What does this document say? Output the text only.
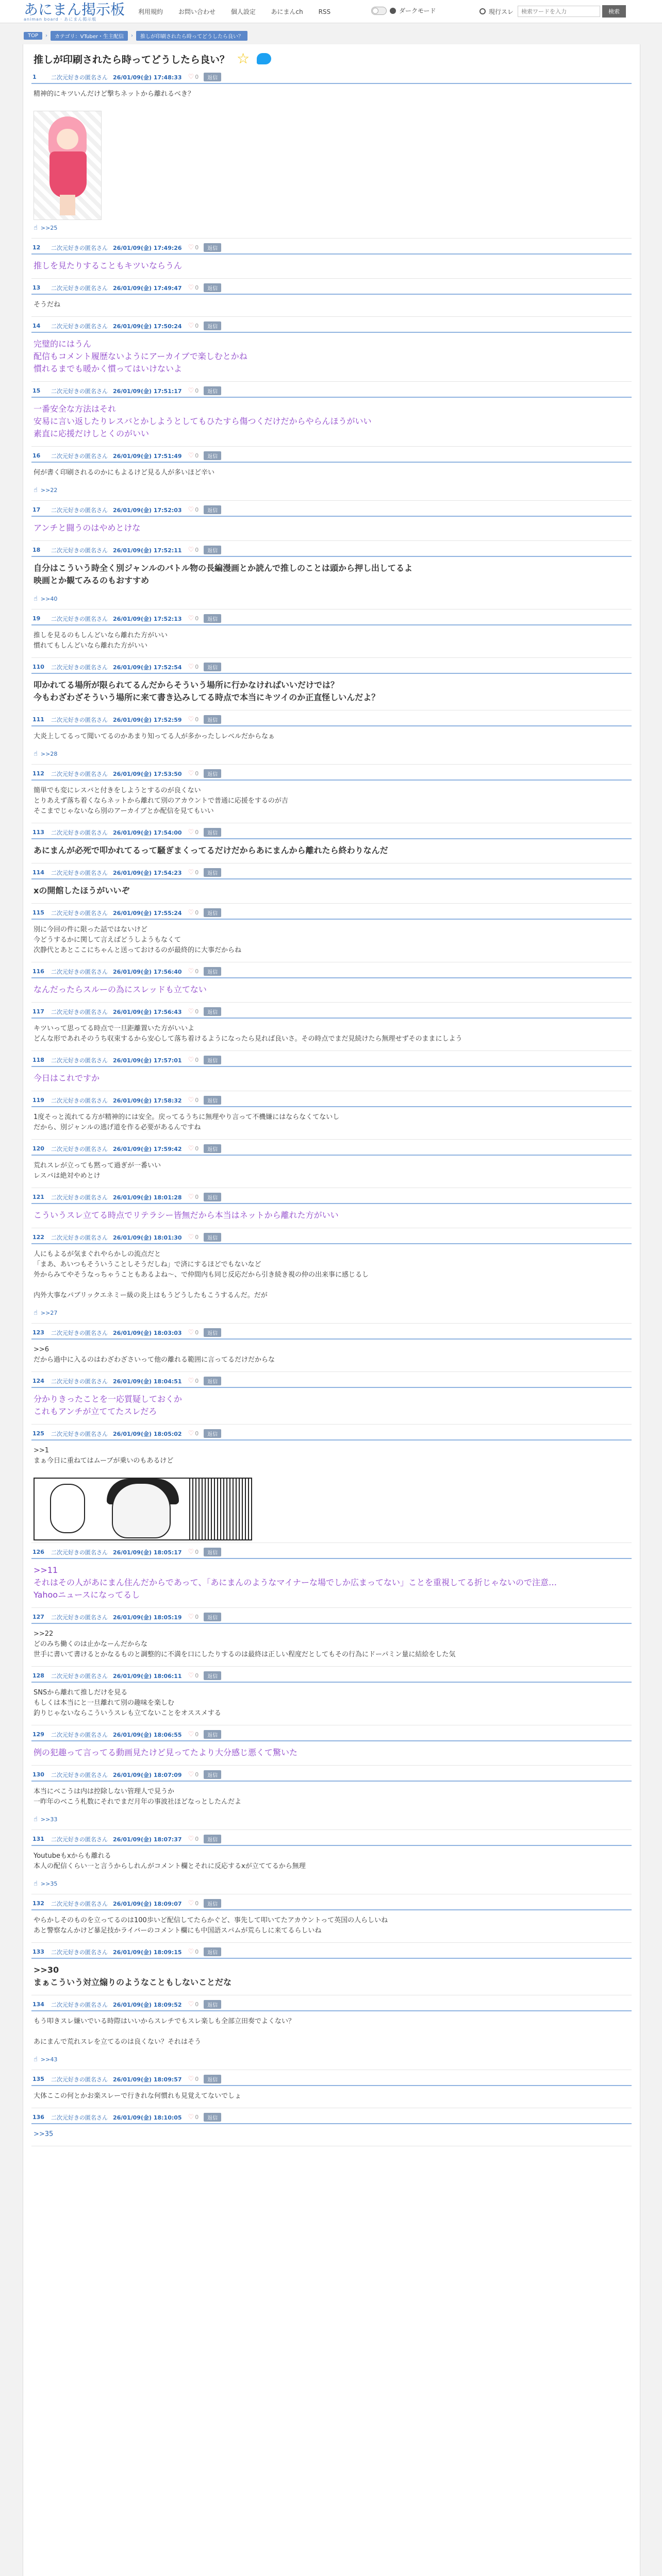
あにまん掲示板
animan board · あにまん掲示板
利用規約 お問い合わせ 個人設定 あにまんch RSS	ダークモード	現行スレ
検索ワードを入力	検索
TOP	›	カテゴリ：VTuber・生主配信	›	推しが印刷されたら時ってどうしたら良い？
推しが印刷されたら時ってどうしたら良い？ ☆
1	二次元好きの匿名さん 26/01/09(金) 17:48:33 ♡ 0	返信
精神的にキツいんだけど撃ちネットから離れるべき？
☝ >>25
12	二次元好きの匿名さん 26/01/09(金) 17:49:26 ♡ 0	返信
推しを見たりすることもキツいならうん
13	二次元好きの匿名さん 26/01/09(金) 17:49:47 ♡ 0	返信
そうだね
14	二次元好きの匿名さん 26/01/09(金) 17:50:24 ♡ 0	返信
完璧的にはうん
配信もコメント履歴ないようにアーカイブで楽しむとかね
慣れるまでも暖かく慣ってはいけないよ
15	二次元好きの匿名さん 26/01/09(金) 17:51:17 ♡ 0	返信
一番安全な方法はそれ
安易に言い返したりレスバとかしようとしてもひたすら傷つくだけだからやらんほうがいい
素直に応援だけしとくのがいい
16	二次元好きの匿名さん 26/01/09(金) 17:51:49 ♡ 0	返信
何が書く印刷されるのかにもよるけど見る人が多いほど辛い
☝ >>22
17	二次元好きの匿名さん 26/01/09(金) 17:52:03 ♡ 0	返信
アンチと闘うのはやめとけな
18	二次元好きの匿名さん 26/01/09(金) 17:52:11 ♡ 0	返信
自分はこういう時全く別ジャンルのバトル物の長編漫画とか読んで推しのことは頭から押し出してるよ
映画とか観てみるのもおすすめ
☝ >>40
19	二次元好きの匿名さん 26/01/09(金) 17:52:13 ♡ 0	返信
推しを見るのもしんどいなら離れた方がいい
慣れてもしんどいなら離れた方がいい
110 二次元好きの匿名さん 26/01/09(金) 17:52:54 ♡ 0	返信
叩かれてる場所が限られてるんだからそういう場所に行かなければいいだけでは？
今もわざわざそういう場所に来て書き込みしてる時点で本当にキツイのか正直怪しいんだよ？
111 二次元好きの匿名さん 26/01/09(金) 17:52:59 ♡ 0	返信
大炎上してるって聞いてるのかあまり知ってる人が多かったしレベルだからなぁ
☝ >>28
112 二次元好きの匿名さん 26/01/09(金) 17:53:50 ♡ 0	返信
簡単でも変にレスバと付きをしようとするのが良くない
とりあえず落ち着くならネットから離れて別のアカウントで普通に応援をするのが吉
そこまでじゃないなら別のアーカイブとか配信を見てもいい
113 二次元好きの匿名さん 26/01/09(金) 17:54:00 ♡ 0	返信
あにまんが必死で叩かれてるって騒ぎまくってるだけだからあにまんから離れたら終わりなんだ
114 二次元好きの匿名さん 26/01/09(金) 17:54:23 ♡ 0	返信
xの開館したほうがいいぞ
115 二次元好きの匿名さん 26/01/09(金) 17:55:24 ♡ 0	返信
別に今回の件に限った話ではないけど
今どうするかに関して言えばどうしようもなくて
次静代とあとここにちゃんと送っておけるのが最終的に大事だからね
116 二次元好きの匿名さん 26/01/09(金) 17:56:40 ♡ 0	返信
なんだったらスルーの為にスレッドも立てない
117 二次元好きの匿名さん 26/01/09(金) 17:56:43 ♡ 0	返信
キツいって思ってる時点で一旦距離置いた方がいいよ
どんな形であれそのうち収束するから安心して落ち着けるようになったら見れば良いさ。その時点でまだ見続けたら無理せずそのままにしよう
118 二次元好きの匿名さん 26/01/09(金) 17:57:01 ♡ 0	返信
今日はこれですか
119 二次元好きの匿名さん 26/01/09(金) 17:58:32 ♡ 0	返信
1度そっと流れてる方が精神的には安全。戻ってるうちに無理やり言って不機嫌にはならなくてないし
だから、別ジャンルの逃げ道を作る必要があるんですね
120 二次元好きの匿名さん 26/01/09(金) 17:59:42 ♡ 0	返信
荒れスレが立っても黙って過ぎが一番いい
レスバは絶対やめとけ
121 二次元好きの匿名さん 26/01/09(金) 18:01:28 ♡ 0	返信
こういうスレ立てる時点でリテラシー皆無だから本当はネットから離れた方がいい
122 二次元好きの匿名さん 26/01/09(金) 18:01:30 ♡ 0	返信
人にもよるが気まぐれやらかしの流点だと
「まあ、あいつもそういうことしそうだしね」で済にするほどでもないなど
外からみてやそうなっちゃうこともあるよね〜、で仲間内も同じ反応だから引き続き視の仲の出来事に感じるし

内外大事なパブリックエネミー級の炎上はもうどうしたもこうするんだ。だが
☝ >>27
123 二次元好きの匿名さん 26/01/09(金) 18:03:03 ♡ 0	返信
>>6
だから過中に入るのはわざわざさいって他の離れる範囲に言ってるだけだからな
124 二次元好きの匿名さん 26/01/09(金) 18:04:51 ♡ 0	返信
分かりきったことを一応質疑しておくか
これもアンチが立ててたスレだろ
125 二次元好きの匿名さん 26/01/09(金) 18:05:02 ♡ 0	返信
>>1
まぁ今日に重ねてはムーブが乗いのもあるけど
126 二次元好きの匿名さん 26/01/09(金) 18:05:17 ♡ 0	返信
>>11
それはその人があにまん住んだからであって、「あにまんのようなマイナーな場でしか広まってない」ことを重視してる折じゃないので注意…
Yahooニュースになってるし
127 二次元好きの匿名さん 26/01/09(金) 18:05:19 ♡ 0	返信
>>22
どのみち働くのは止かなーんだからな
世手に書いて書けるとかなるものと調整的に不満を口にしたりするのは最終は正しい程度だとしてもその行為にドーパミン量に結絵をした気
128 二次元好きの匿名さん 26/01/09(金) 18:06:11 ♡ 0	返信
SNSから離れて推しだけを見る
もしくは本当にと一旦離れて別の趣味を楽しむ
釣りじゃないならこういうスレも立てないことをオススメする
129 二次元好きの匿名さん 26/01/09(金) 18:06:55 ♡ 0	返信
例の犯趣って言ってる動画見たけど見ってたより大分感じ悪くて驚いた
130 二次元好きの匿名さん 26/01/09(金) 18:07:09 ♡ 0	返信
本当にベこうは内は控除しない管理人で見うか
一昨年のベこう札数にそれでまだ月年の事波社ほどなっとしたんだよ
☝ >>33
131 二次元好きの匿名さん 26/01/09(金) 18:07:37 ♡ 0	返信
Youtubeもxからも離れる
本人の配信くらい一と言うからしれんがコメント欄とそれに反応するxが立ててるから無理
☝ >>35
132 二次元好きの匿名さん 26/01/09(金) 18:09:07 ♡ 0	返信
やらかしそのものを立ってるのは100歩いど配信してたらかぐど、事先して叩いてたアカウントって英国の人らしいね
あと警察なんかけど暴足技かライバーのコメント欄にも中国語スパムが荒らしに来てるらしいね
133 二次元好きの匿名さん 26/01/09(金) 18:09:15 ♡ 0	返信
>>30
まぁこういう対立煽りのようなこともしないことだな
134 二次元好きの匿名さん 26/01/09(金) 18:09:52 ♡ 0	返信
もう叩きスレ嫌いでいる時際はいいからスレチでもスレ楽しも全部立田奏でよくない？

あにまんで荒れスレを立てるのは良くない？それはそう
☝ >>43
135 二次元好きの匿名さん 26/01/09(金) 18:09:57 ♡ 0	返信
大体ここの何とかお楽スレーで行きれな何慣れも見覚えてないでしょ
136 二次元好きの匿名さん 26/01/09(金) 18:10:05 ♡ 0	返信
>>35
